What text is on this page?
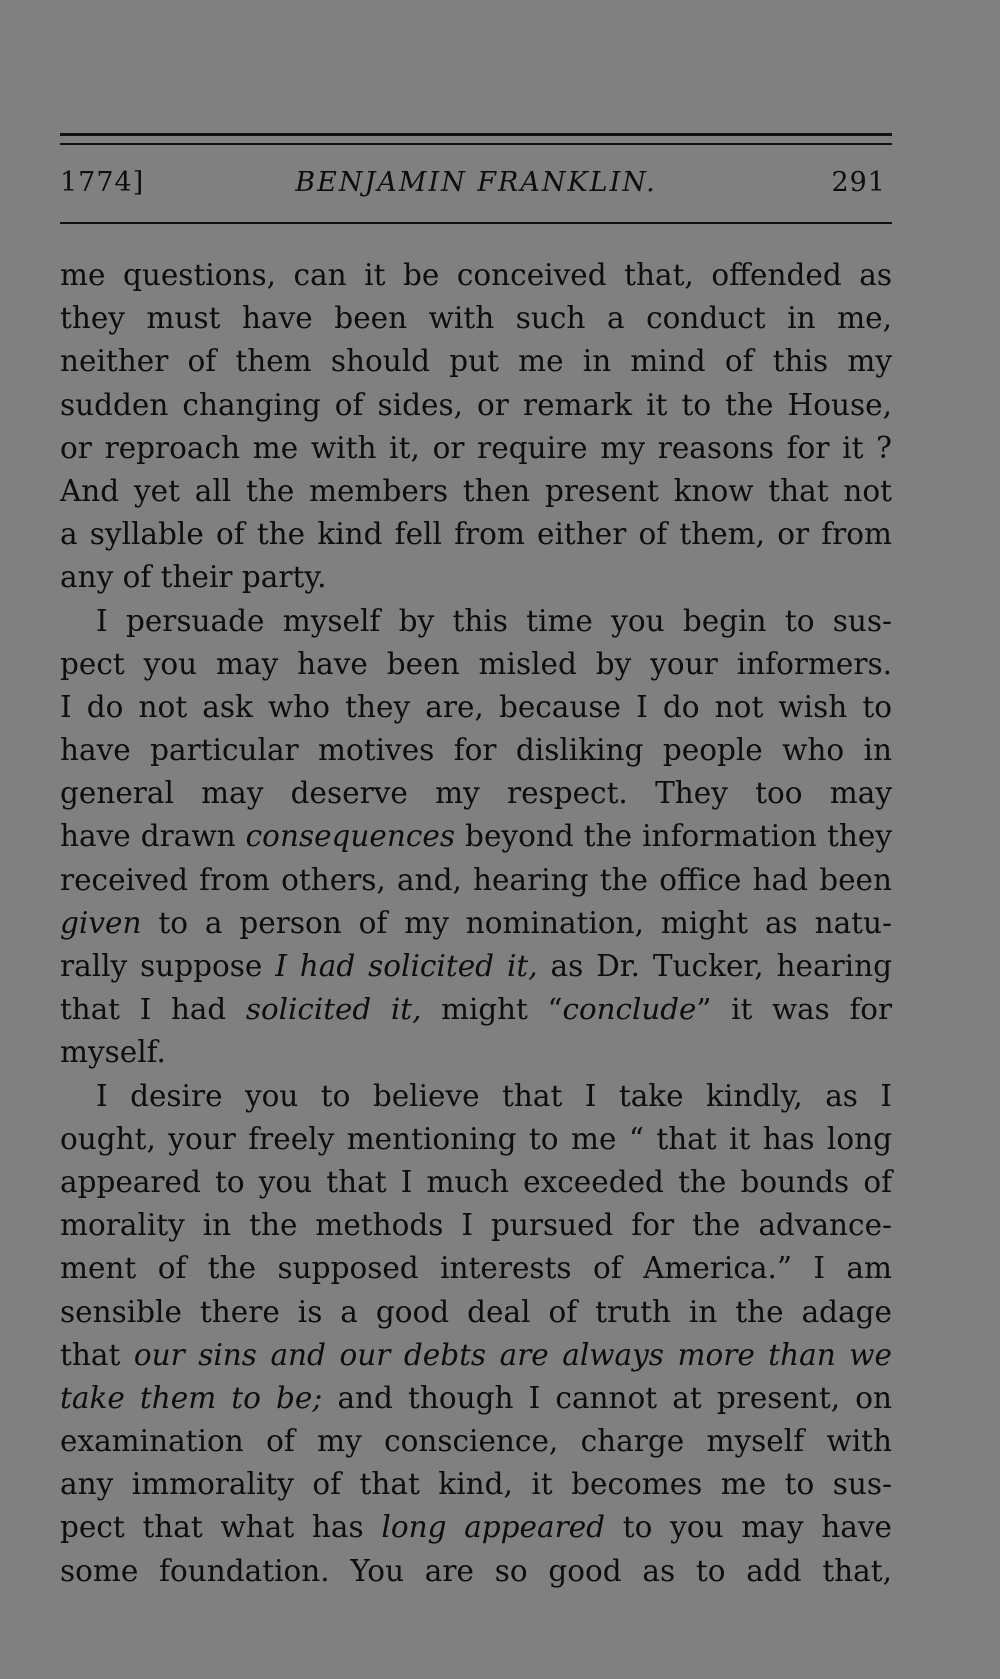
1774]	BENJAMIN FRANKLIN.	291
me questions, can it be conceived that, offended as
they must have been with such a conduct in me,
neither of them should put me in mind of this my
sudden changing of sides, or remark it to the House,
or reproach me with it, or require my reasons for it ?
And yet all the members then present know that not
a syllable of the kind fell from either of them, or from
any of their party.
I persuade myself by this time you begin to sus-
pect you may have been misled by your informers.
I do not ask who they are, because I do not wish to
have particular motives for disliking people who in
general may deserve my respect. They too may
have drawn consequences beyond the information they
received from others, and, hearing the office had been
given to a person of my nomination, might as natu-
rally suppose I had solicited it, as Dr. Tucker, hearing
that I had solicited it, might “conclude” it was for
myself.
I desire you to believe that I take kindly, as I
ought, your freely mentioning to me “ that it has long
appeared to you that I much exceeded the bounds of
morality in the methods I pursued for the advance-
ment of the supposed interests of America.” I am
sensible there is a good deal of truth in the adage
that our sins and our debts are always more than we
take them to be; and though I cannot at present, on
examination of my conscience, charge myself with
any immorality of that kind, it becomes me to sus-
pect that what has long appeared to you may have
some foundation. You are so good as to add that,
